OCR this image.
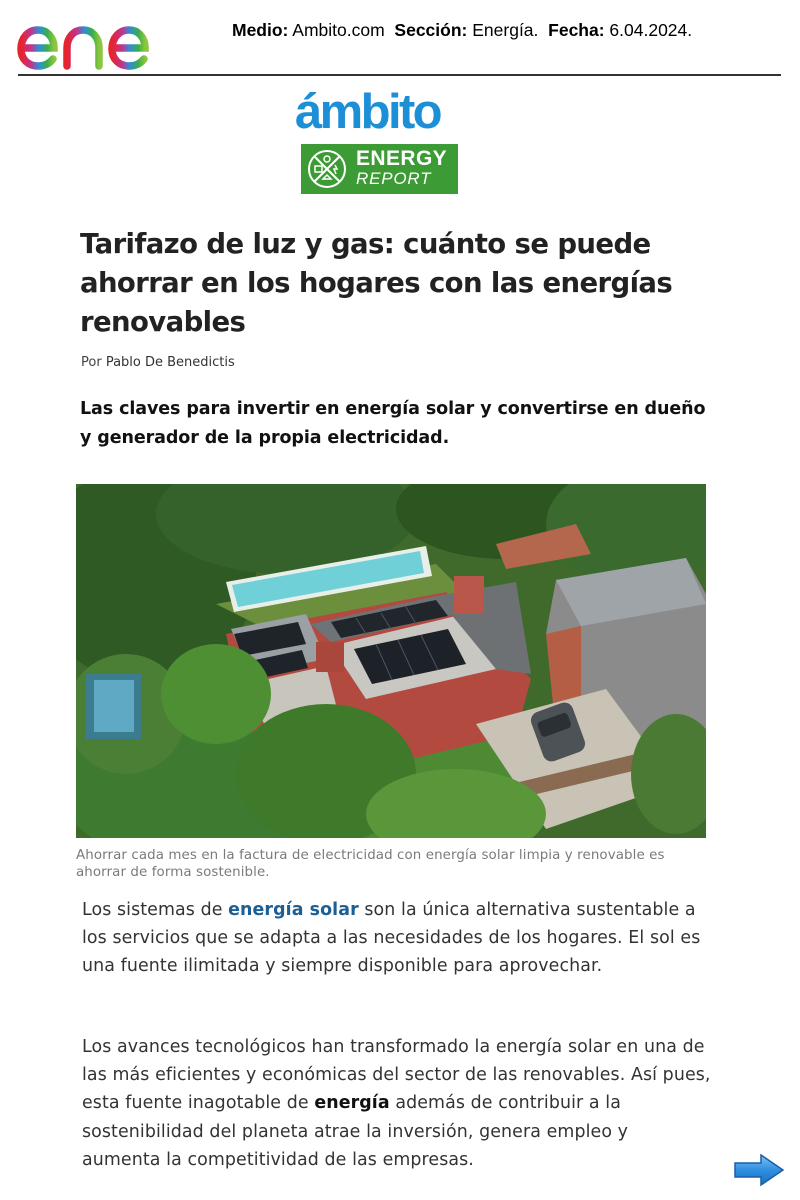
Medio: Ambito.com Sección: Energía. Fecha: 6.04.2024.
ámbito
ENERGY
REPORT
Tarifazo de luz y gas: cuánto se puede ahorrar en los hogares con las energías renovables
Por Pablo De Benedictis

Las claves para invertir en energía solar y convertirse en dueño y generador de la propia electricidad.

Ahorrar cada mes en la factura de electricidad con energía solar limpia y renovable es ahorrar de forma sostenible.

Los sistemas de energía solar son la única alternativa sustentable a los servicios que se adapta a las necesidades de los hogares. El sol es una fuente ilimitada y siempre disponible para aprovechar.

Los avances tecnológicos han transformado la energía solar en una de las más eficientes y económicas del sector de las renovables. Así pues, esta fuente inagotable de energía además de contribuir a la sostenibilidad del planeta atrae la inversión, genera empleo y aumenta la competitividad de las empresas.
